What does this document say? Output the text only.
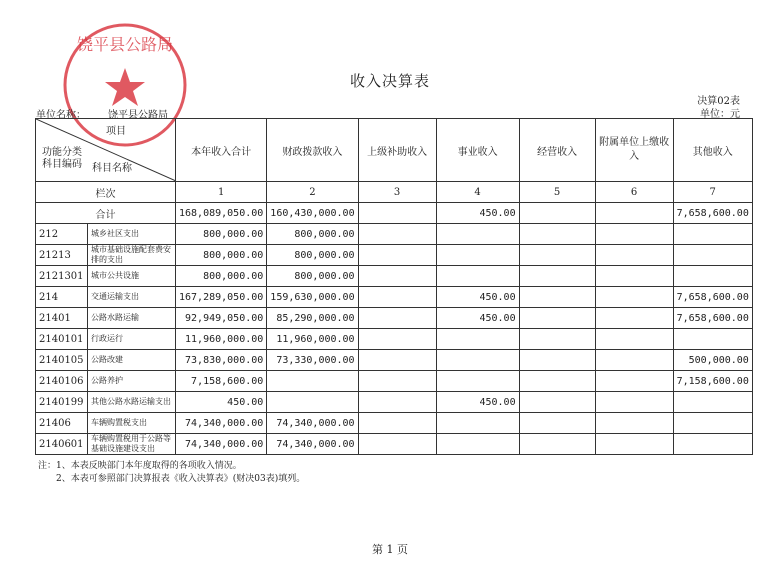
饶平县公路局
收入决算表
决算02表
单位：元
单位名称： 饶平县公路局
项目
功能分类科目编码 科目名称		本年收入合计	财政拨款收入	上级补助收入	事业收入	经营收入	附属单位上缴收入	其他收入
栏次		1	2	3	4	5	6	7
合计		168,089,050.00	160,430,000.00		450.00			7,658,600.00
212	城乡社区支出	800,000.00	800,000.00					
21213	城市基础设施配套费安排的支出	800,000.00	800,000.00					
2121301	城市公共设施	800,000.00	800,000.00					
214	交通运输支出	167,289,050.00	159,630,000.00		450.00			7,658,600.00
21401	公路水路运输	92,949,050.00	85,290,000.00		450.00			7,658,600.00
2140101	行政运行	11,960,000.00	11,960,000.00					
2140105	公路改建	73,830,000.00	73,330,000.00					500,000.00
2140106	公路养护	7,158,600.00						7,158,600.00
2140199	其他公路水路运输支出	450.00			450.00			
21406	车辆购置税支出	74,340,000.00	74,340,000.00					
2140601	车辆购置税用于公路等基础设施建设支出	74,340,000.00	74,340,000.00					
注：1、本表反映部门本年度取得的各项收入情况。
　　2、本表可参照部门决算报表《收入决算表》(财决03表)填列。
第 1 页
